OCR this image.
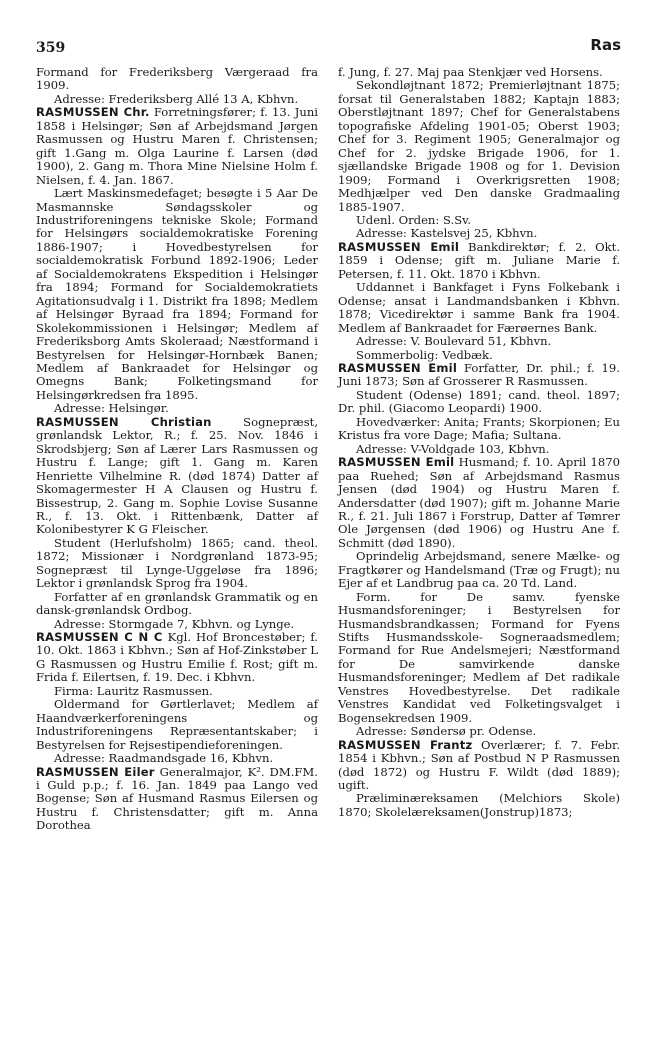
359	Ras

Formand for Frederiksberg Værgeraad fra 1909.

Adresse: Frederiksberg Allé 13 A, Kbhvn.

RASMUSSEN Chr. Forretningsfører; f. 13. Juni 1858 i Helsingør; Søn af Arbejdsmand Jørgen Rasmussen og Hustru Maren f. Christensen; gift 1.Gang m. Olga Laurine f. Larsen (død 1900), 2. Gang m. Thora Mine Nielsine Holm f. Nielsen, f. 4. Jan. 1867.

Lært Maskinsmedefaget; besøgte i 5 Aar De Masmannske Søndagsskoler og Industriforeningens tekniske Skole; Formand for Helsingørs socialdemokratiske Forening 1886-1907; i Hovedbestyrelsen for socialdemokratisk Forbund 1892-1906; Leder af Socialdemokratens Ekspedition i Helsingør fra 1894; Formand for Socialdemokratiets Agitationsudvalg i 1. Distrikt fra 1898; Medlem af Helsingør Byraad fra 1894; Formand for Skolekommissionen i Helsingør; Medlem af Frederiksborg Amts Skoleraad; Næstformand i Bestyrelsen for Helsingør-Hornbæk Banen; Medlem af Bankraadet for Helsingør og Omegns Bank; Folketingsmand for Helsingørkredsen fra 1895.

Adresse: Helsingør.

RASMUSSEN Christian	Sognepræst, grønlandsk Lektor, R.; f. 25. Nov. 1846 i Skrodsbjerg; Søn af Lærer Lars Rasmussen og Hustru f. Lange; gift 1. Gang m. Karen Henriette Vilhelmine R. (død 1874) Datter af Skomagermester H A Clausen og Hustru f. Bissestrup, 2. Gang m. Sophie Lovise Susanne R., f. 13. Okt. i Rittenbænk, Datter af Kolonibestyrer K G Fleischer.

Student (Herlufsholm) 1865; cand. theol. 1872; Missionær i Nordgrønland 1873-95; Sognepræst til Lynge-Uggeløse fra 1896; Lektor i grønlandsk Sprog fra 1904.

Forfatter af en grønlandsk Grammatik og en dansk-grønlandsk Ordbog.

Adresse: Stormgade 7, Kbhvn. og Lynge.

RASMUSSEN C N C Kgl. Hof Broncestøber; f. 10. Okt. 1863 i Kbhvn.; Søn af Hof-Zinkstøber L G Rasmussen og Hustru Emilie f. Rost; gift m. Frida f. Eilertsen, f. 19. Dec. i Kbhvn.

Firma: Lauritz Rasmussen.

Oldermand for Gørtlerlavet; Medlem af Haandværkerforeningens og Industriforeningens Repræsentantskaber; i Bestyrelsen for Rejsestipendieforeningen.

Adresse: Raadmandsgade 16, Kbhvn.

RASMUSSEN Eiler Generalmajor, K². DM.FM. i Guld p.p.; f. 16. Jan. 1849 paa Lango ved Bogense; Søn af Husmand Rasmus Eilersen og Hustru f. Christensdatter; gift m. Anna Dorothea

f. Jung, f. 27. Maj paa Stenkjær ved Horsens.

Sekondløjtnant 1872; Premierløjtnant 1875; forsat til Generalstaben 1882; Kaptajn 1883; Oberstløjtnant 1897; Chef for Generalstabens topografiske Afdeling 1901-05; Oberst 1903; Chef for 3. Regiment 1905; Generalmajor og Chef for 2. jydske Brigade 1906, for 1. sjællandske Brigade 1908 og for 1. Devision 1909; Formand i Overkrigsretten 1908; Medhjælper ved Den danske Gradmaaling 1885-1907.

Udenl. Orden: S.Sv.

Adresse: Kastelsvej 25, Kbhvn.

RASMUSSEN Emil Bankdirektør; f. 2. Okt. 1859 i Odense; gift m. Juliane Marie f. Petersen, f. 11. Okt. 1870 i Kbhvn.

Uddannet i Bankfaget i Fyns Folkebank i Odense; ansat i Landmandsbanken i Kbhvn. 1878; Vicedirektør i samme Bank fra 1904. Medlem af Bankraadet for Færøernes Bank.

Adresse: V. Boulevard 51, Kbhvn.

Sommerbolig: Vedbæk.

RASMUSSEN Emil Forfatter, Dr. phil.; f. 19. Juni 1873; Søn af Grosserer R Rasmussen.

Student (Odense) 1891; cand. theol. 1897; Dr. phil. (Giacomo Leopardi) 1900.

Hovedværker: Anita; Frants; Skorpionen; Eu Kristus fra vore Dage; Mafia; Sultana.

Adresse: V-Voldgade 103, Kbhvn.

RASMUSSEN Emil Husmand; f. 10. April 1870 paa Ruehed; Søn af Arbejdsmand Rasmus Jensen (død 1904) og Hustru Maren f. Andersdatter (død 1907); gift m. Johanne Marie R., f. 21. Juli 1867 i Forstrup, Datter af Tømrer Ole Jørgensen (død 1906) og Hustru Ane f. Schmitt (død 1890).

Oprindelig Arbejdsmand, senere Mælke- og Fragtkører og Handelsmand (Træ og Frugt); nu Ejer af et Landbrug paa ca. 20 Td. Land.

Form. for De samv. fyenske Husmandsforeninger; i Bestyrelsen for Husmandsbrandkassen; Formand for Fyens Stifts Husmandsskole- Sogneraadsmedlem; Formand for Rue Andelsmejeri; Næstformand for De samvirkende danske Husmandsforeninger; Medlem af Det radikale Venstres Hovedbestyrelse. Det radikale Venstres Kandidat ved Folketingsvalget i Bogensekredsen 1909.

Adresse: Søndersø pr. Odense.

RASMUSSEN Frantz Overlærer; f. 7. Febr. 1854 i Kbhvn.; Søn af Postbud N P Rasmussen (død 1872) og Hustru F. Wildt (død 1889); ugift.

Præliminæreksamen (Melchiors Skole) 1870; Skolelæreksamen(Jonstrup)1873;
